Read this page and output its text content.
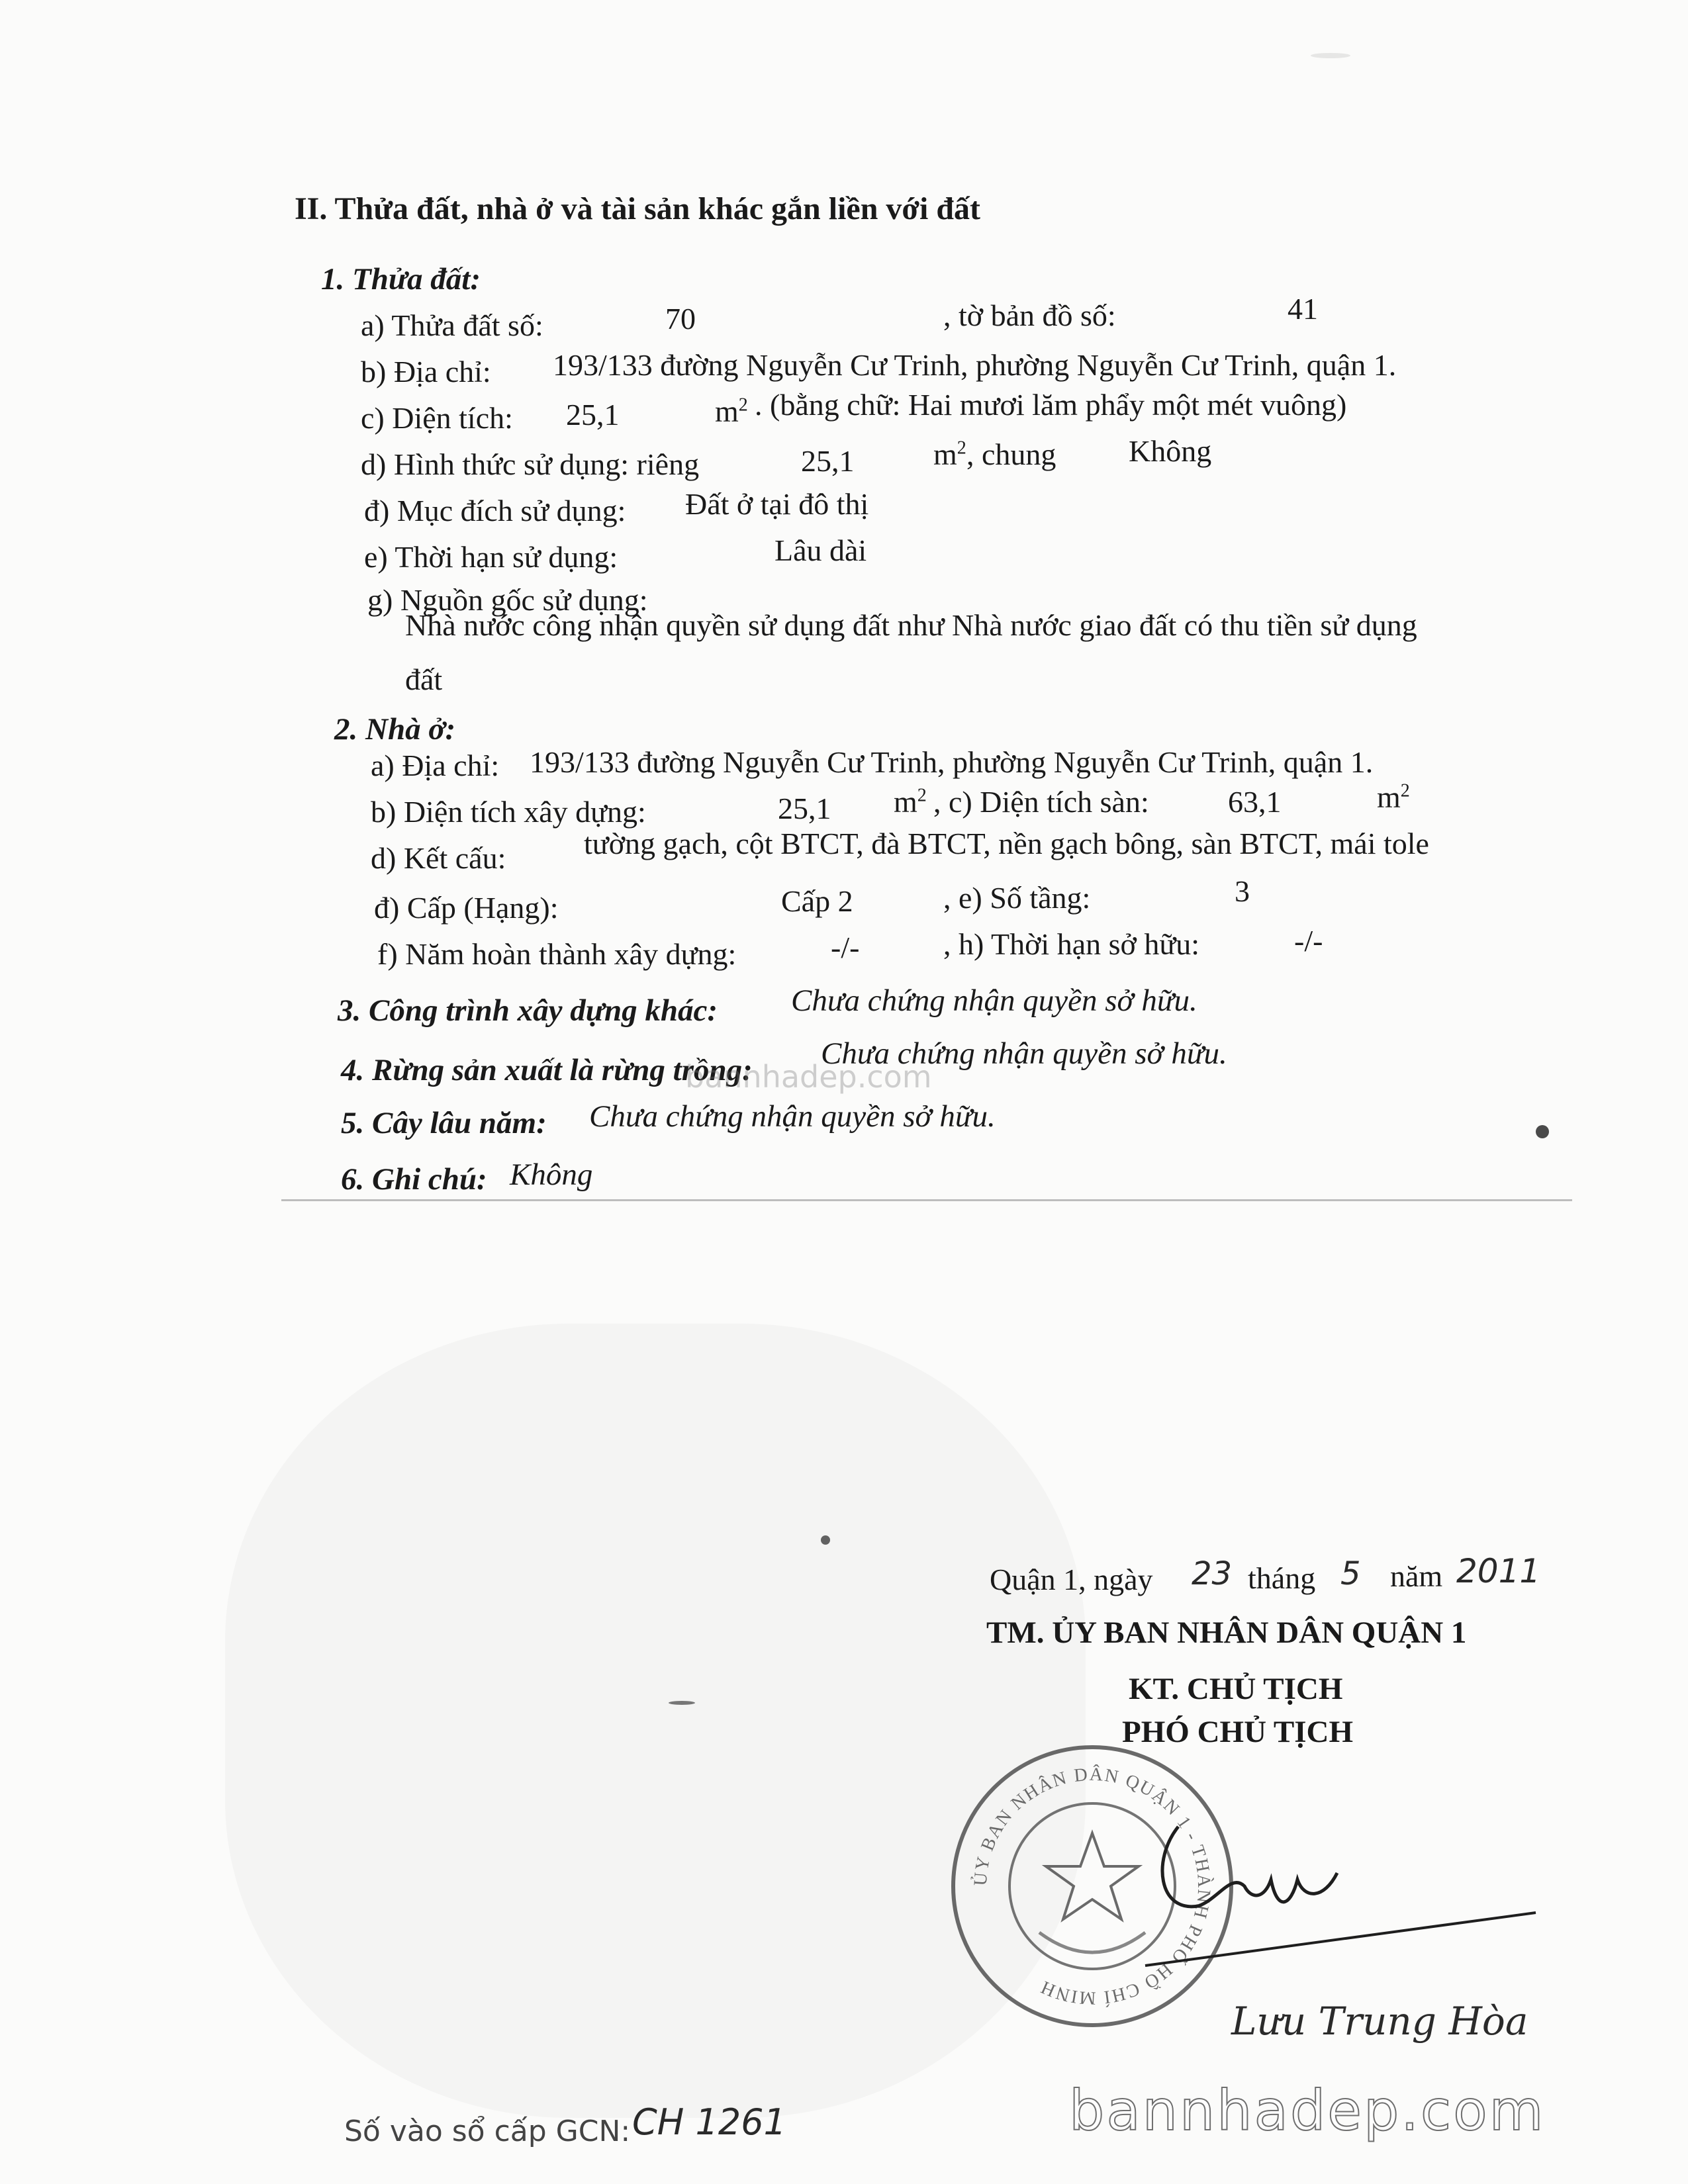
II. Thửa đất, nhà ở và tài sản khác gắn liền với đất
1. Thửa đất:
a) Thửa đất số:	70	, tờ bản đồ số:	41
b) Địa chỉ: 193/133 đường Nguyễn Cư Trinh, phường Nguyễn Cư Trinh, quận 1.
c) Diện tích: 25,1	$m^2$ . (bằng chữ: Hai mươi lăm phẩy một mét vuông)
d) Hình thức sử dụng: riêng	25,1	$m^2$ , chung Không
đ) Mục đích sử dụng: Đất ở tại đô thị
e) Thời hạn sử dụng:	Lâu dài
g) Nguồn gốc sử dụng:
Nhà nước công nhận quyền sử dụng đất như Nhà nước giao đất có thu tiền sử dụng
đất
2. Nhà ở:
a) Địa chỉ: 193/133 đường Nguyễn Cư Trinh, phường Nguyễn Cư Trinh, quận 1.
b) Diện tích xây dựng:	25,1 $m^2$ , c) Diện tích sàn:	63,1	$m^2$
d) Kết cấu:	tường gạch, cột BTCT, đà BTCT, nền gạch bông, sàn BTCT, mái tole
đ) Cấp (Hạng):	Cấp 2	, e) Số tầng:	3
f) Năm hoàn thành xây dựng:	-/-	, h) Thời hạn sở hữu:	-/-
3. Công trình xây dựng khác: Chưa chứng nhận quyền sở hữu.
4. Rừng sản xuất là rừng trồng: Chưa chứng nhận quyền sở hữu.
bannhadep.com
5. Cây lâu năm: Chưa chứng nhận quyền sở hữu.
6. Ghi chú: Không
Quận 1, ngày 23 tháng 5 năm 2011
TM. ỦY BAN NHÂN DÂN QUẬN 1
KT. CHỦ TỊCH
PHÓ CHỦ TỊCH
ỦY BAN NHÂN DÂN QUẬN 1 - THÀNH PHỐ HỒ CHÍ MINH
Lưu Trung Hòa
Số vào sổ cấp GCN: CH 1261	bannhadep.com
